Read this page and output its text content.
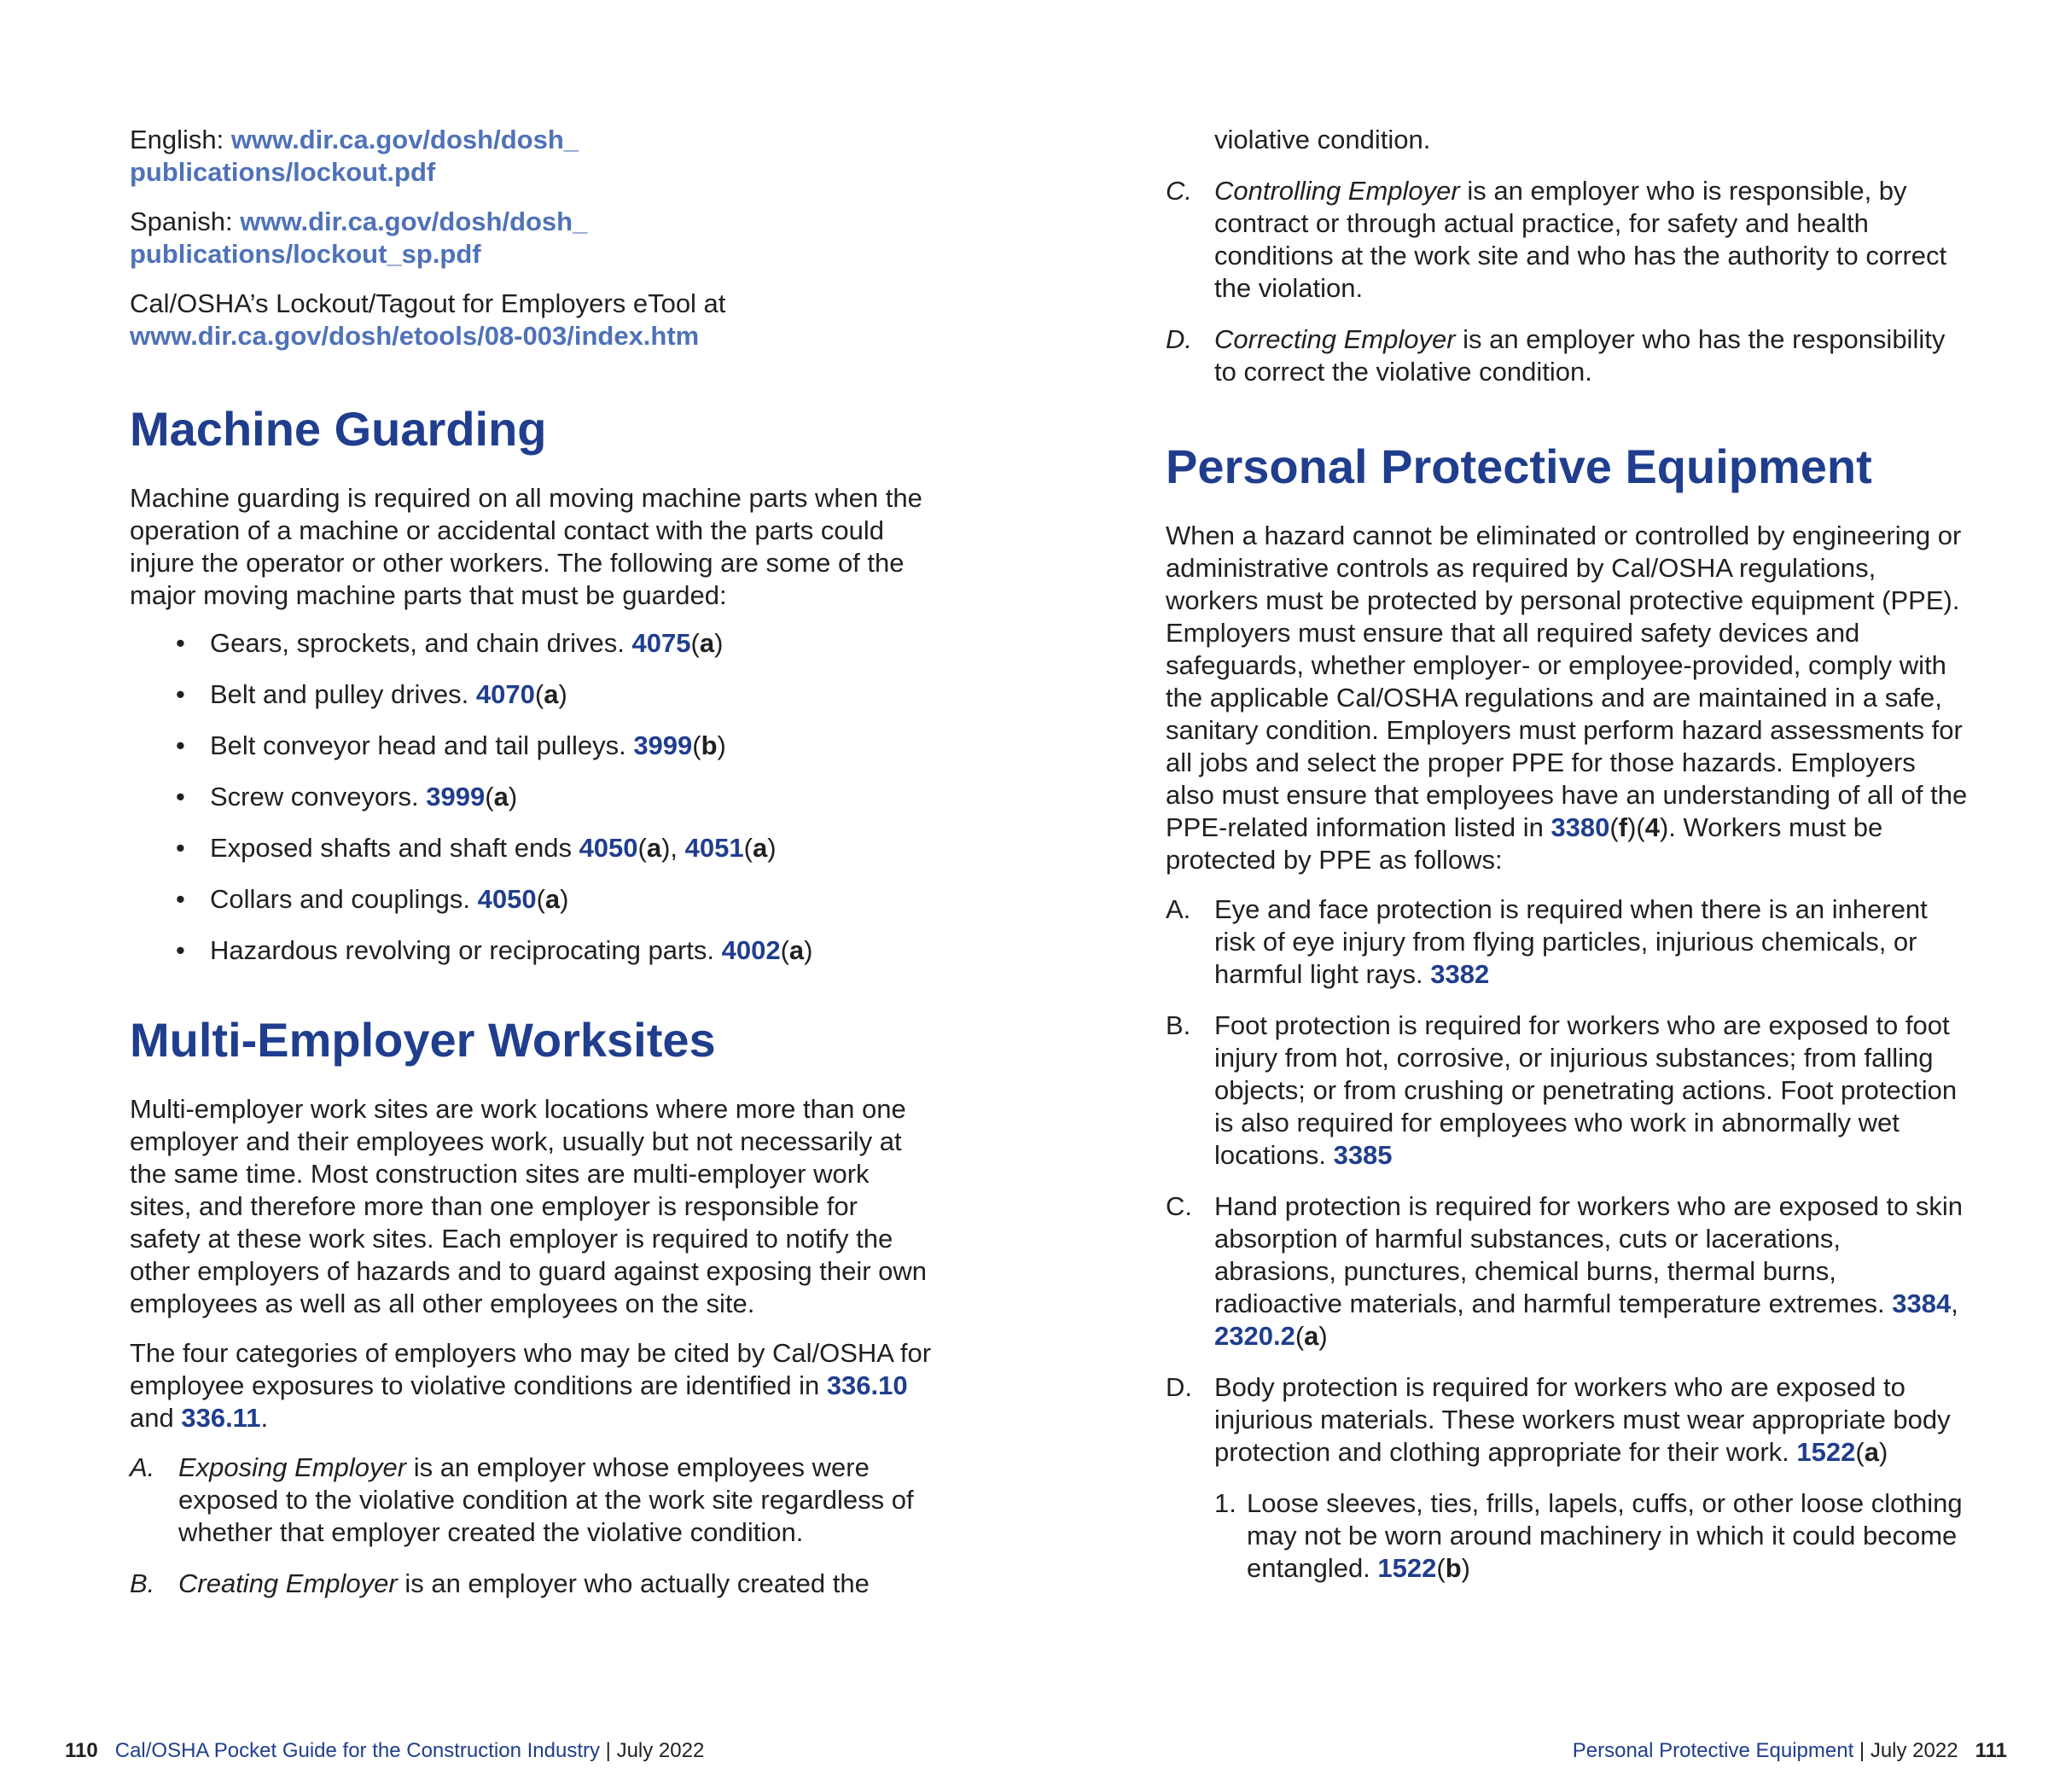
English: www.dir.ca.gov/dosh/dosh_
publications/lockout.pdf

Spanish: www.dir.ca.gov/dosh/dosh_
publications/lockout_sp.pdf

Cal/OSHA’s Lockout/Tagout for Employers eTool at
www.dir.ca.gov/dosh/etools/08-003/index.htm

Machine Guarding

Machine guarding is required on all moving machine parts when the operation of a machine or accidental contact with the parts could injure the operator or other workers. The following are some of the major moving machine parts that must be guarded:

• Gears, sprockets, and chain drives. 4075(a)
• Belt and pulley drives. 4070(a)
• Belt conveyor head and tail pulleys. 3999(b)
• Screw conveyors. 3999(a)
• Exposed shafts and shaft ends 4050(a), 4051(a)
• Collars and couplings. 4050(a)
• Hazardous revolving or reciprocating parts. 4002(a)
Multi-Employer Worksites

Multi-employer work sites are work locations where more than one employer and their employees work, usually but not necessarily at the same time. Most construction sites are multi-employer work sites, and therefore more than one employer is responsible for safety at these work sites. Each employer is required to notify the other employers of hazards and to guard against exposing their own employees as well as all other employees on the site.

The four categories of employers who may be cited by Cal/OSHA for employee exposures to violative conditions are identified in 336.10 and 336.11.

A. Exposing Employer is an employer whose employees were exposed to the violative condition at the work site regardless of whether that employer created the violative condition.
B. Creating Employer is an employer who actually created the
violative condition.
C. Controlling Employer is an employer who is responsible, by contract or through actual practice, for safety and health conditions at the work site and who has the authority to correct the violation.
D. Correcting Employer is an employer who has the responsibility to correct the violative condition.
Personal Protective Equipment

When a hazard cannot be eliminated or controlled by engineering or administrative controls as required by Cal/OSHA regulations, workers must be protected by personal protective equipment (PPE). Employers must ensure that all required safety devices and safeguards, whether employer- or employee-provided, comply with the applicable Cal/OSHA regulations and are maintained in a safe, sanitary condition. Employers must perform hazard assessments for all jobs and select the proper PPE for those hazards. Employers also must ensure that employees have an understanding of all of the PPE-related information listed in 3380(f)(4). Workers must be protected by PPE as follows:

A. Eye and face protection is required when there is an inherent risk of eye injury from flying particles, injurious chemicals, or harmful light rays. 3382
B. Foot protection is required for workers who are exposed to foot injury from hot, corrosive, or injurious substances; from falling objects; or from crushing or penetrating actions. Foot protection is also required for employees who work in abnormally wet locations. 3385
C. Hand protection is required for workers who are exposed to skin absorption of harmful substances, cuts or lacerations, abrasions, punctures, chemical burns, thermal burns, radioactive materials, and harmful temperature extremes. 3384, 2320.2(a)
D. Body protection is required for workers who are exposed to injurious materials. These workers must wear appropriate body protection and clothing appropriate for their work. 1522(a)
1. Loose sleeves, ties, frills, lapels, cuffs, or other loose clothing may not be worn around machinery in which it could become entangled. 1522(b)
110 Cal/OSHA Pocket Guide for the Construction Industry | July 2022	Personal Protective Equipment | July 2022 111
